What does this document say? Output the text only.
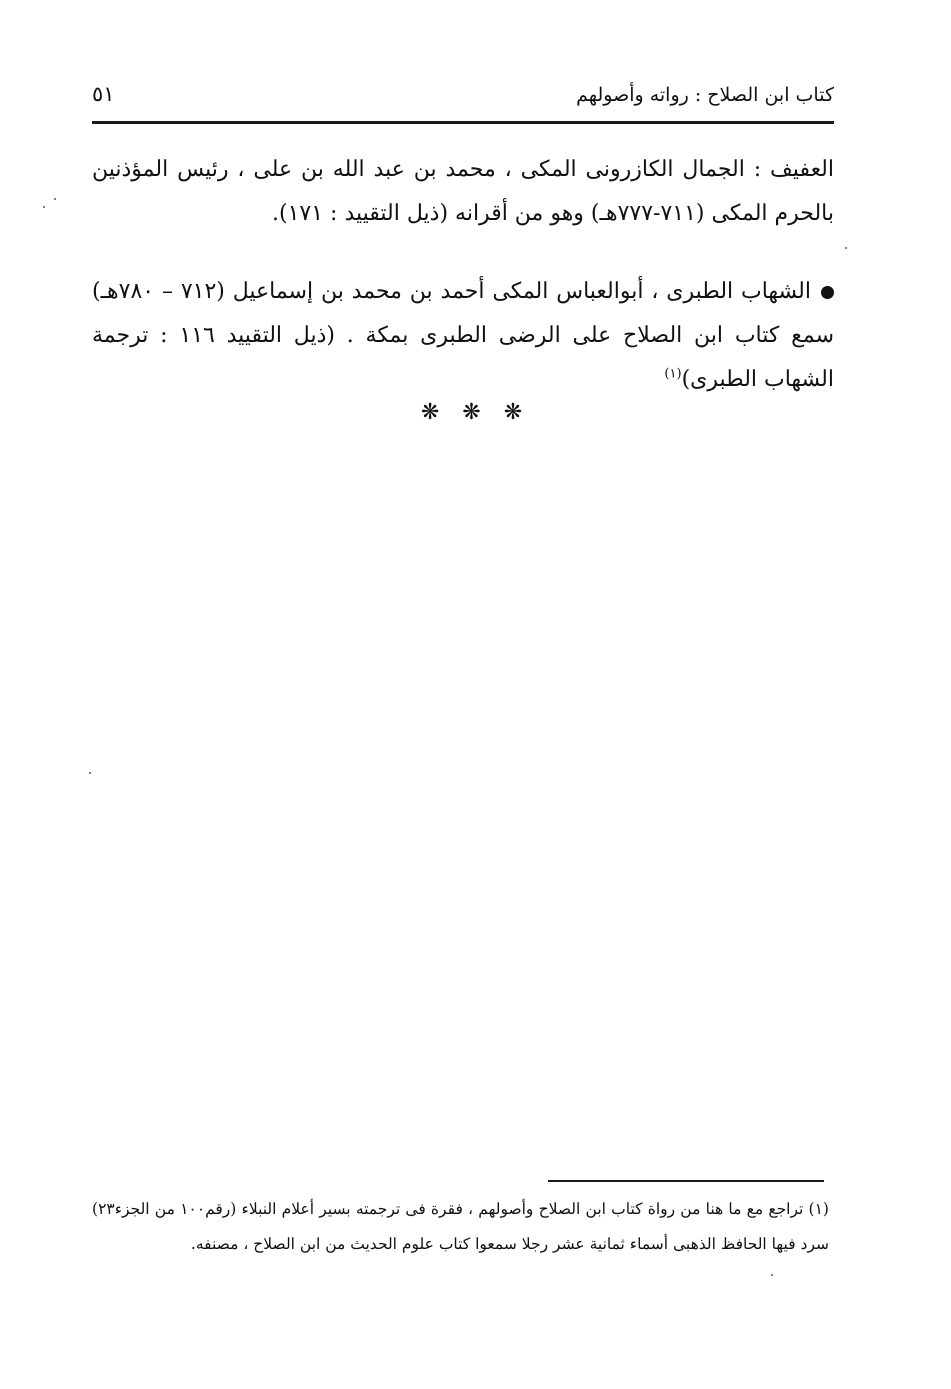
٥١	كتاب ابن الصلاح : رواته وأصولهم

العفيف : الجمال الكازرونى المكى ، محمد بن عبد الله بن على ، رئيس المؤذنين بالحرم المكى (٧١١-٧٧٧هـ) وهو من أقرانه (ذيل التقييد : ١٧١).

الشهاب الطبرى ، أبوالعباس المكى أحمد بن محمد بن إسماعيل (٧١٢ – ٧٨٠هـ) سمع كتاب ابن الصلاح على الرضى الطبرى بمكة . (ذيل التقييد ١١٦ : ترجمة الشهاب الطبرى)$^{(١)}$

❋ ❋ ❋

(١) تراجع مع ما هنا من رواة كتاب ابن الصلاح وأصولهم ، فقرة فى ترجمته بسير أعلام النبلاء (رقم١٠٠ من الجزء٢٣) سرد فيها الحافظ الذهبى أسماء ثمانية عشر رجلا سمعوا كتاب علوم الحديث من ابن الصلاح ، مصنفه.
